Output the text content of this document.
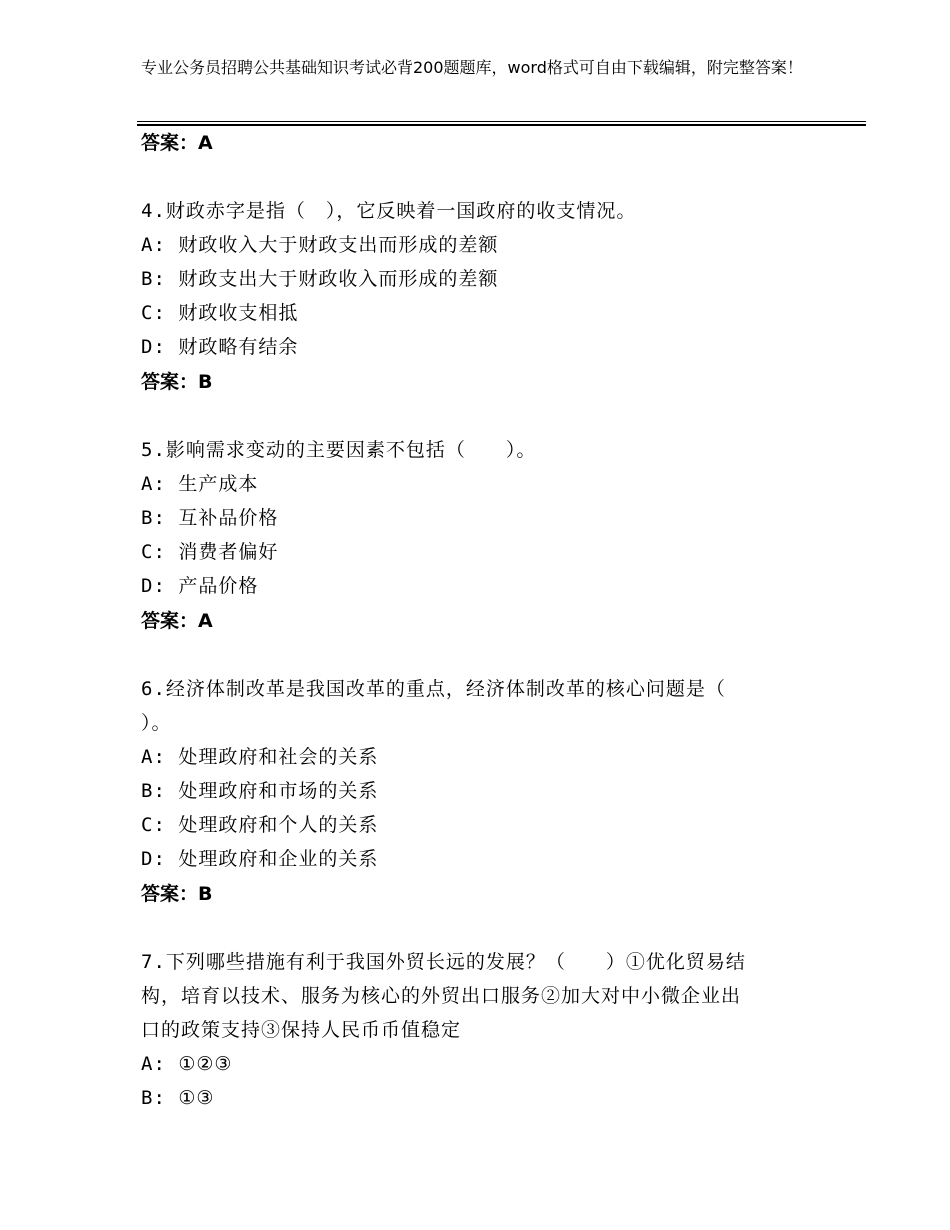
专业公务员招聘公共基础知识考试必背200题题库，word格式可自由下载编辑，附完整答案！
答案：A
4.财政赤字是指（　），它反映着一国政府的收支情况。
A: 财政收入大于财政支出而形成的差额
B: 财政支出大于财政收入而形成的差额
C: 财政收支相抵
D: 财政略有结余
答案：B
5.影响需求变动的主要因素不包括（　　）。
A: 生产成本
B: 互补品价格
C: 消费者偏好
D: 产品价格
答案：A
6.经济体制改革是我国改革的重点，经济体制改革的核心问题是（
）。
A: 处理政府和社会的关系
B: 处理政府和市场的关系
C: 处理政府和个人的关系
D: 处理政府和企业的关系
答案：B
7.下列哪些措施有利于我国外贸长远的发展？（　　）①优化贸易结
构，培育以技术、服务为核心的外贸出口服务②加大对中小微企业出
口的政策支持③保持人民币币值稳定
A: ①②③
B: ①③
